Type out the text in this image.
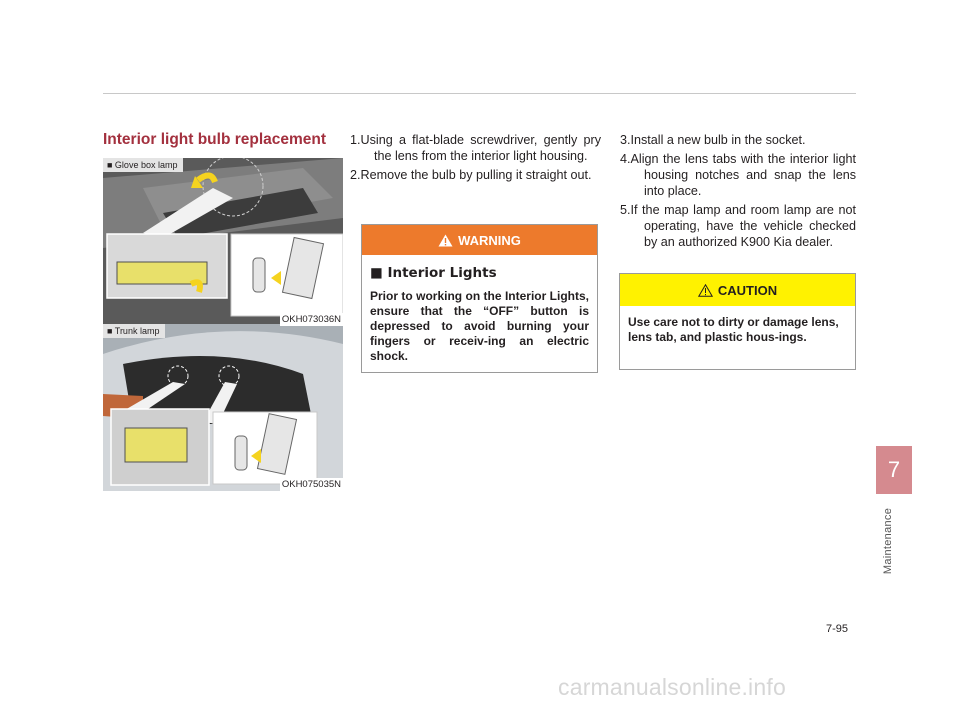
Interior light bulb replacement
■ Glove box lamp
OKH073036N
■ Trunk lamp
OKH075035N
1.Using a flat-blade screwdriver, gently pry the lens from the interior light housing.
2.Remove the bulb by pulling it straight out.
3.Install a new bulb in the socket.
4.Align the lens tabs with the interior light housing notches and snap the lens into place.
5.If the map lamp and room lamp are not operating, have the vehicle checked by an authorized K900 Kia dealer.
WARNING
■ Interior Lights
Prior to working on the Interior Lights, ensure that the “OFF” button is depressed to avoid burning your fingers or receiv-ing an electric shock.
CAUTION
Use care not to dirty or damage lens, lens tab, and plastic hous-ings.
7
Maintenance
7-95
carmanualsonline.info
